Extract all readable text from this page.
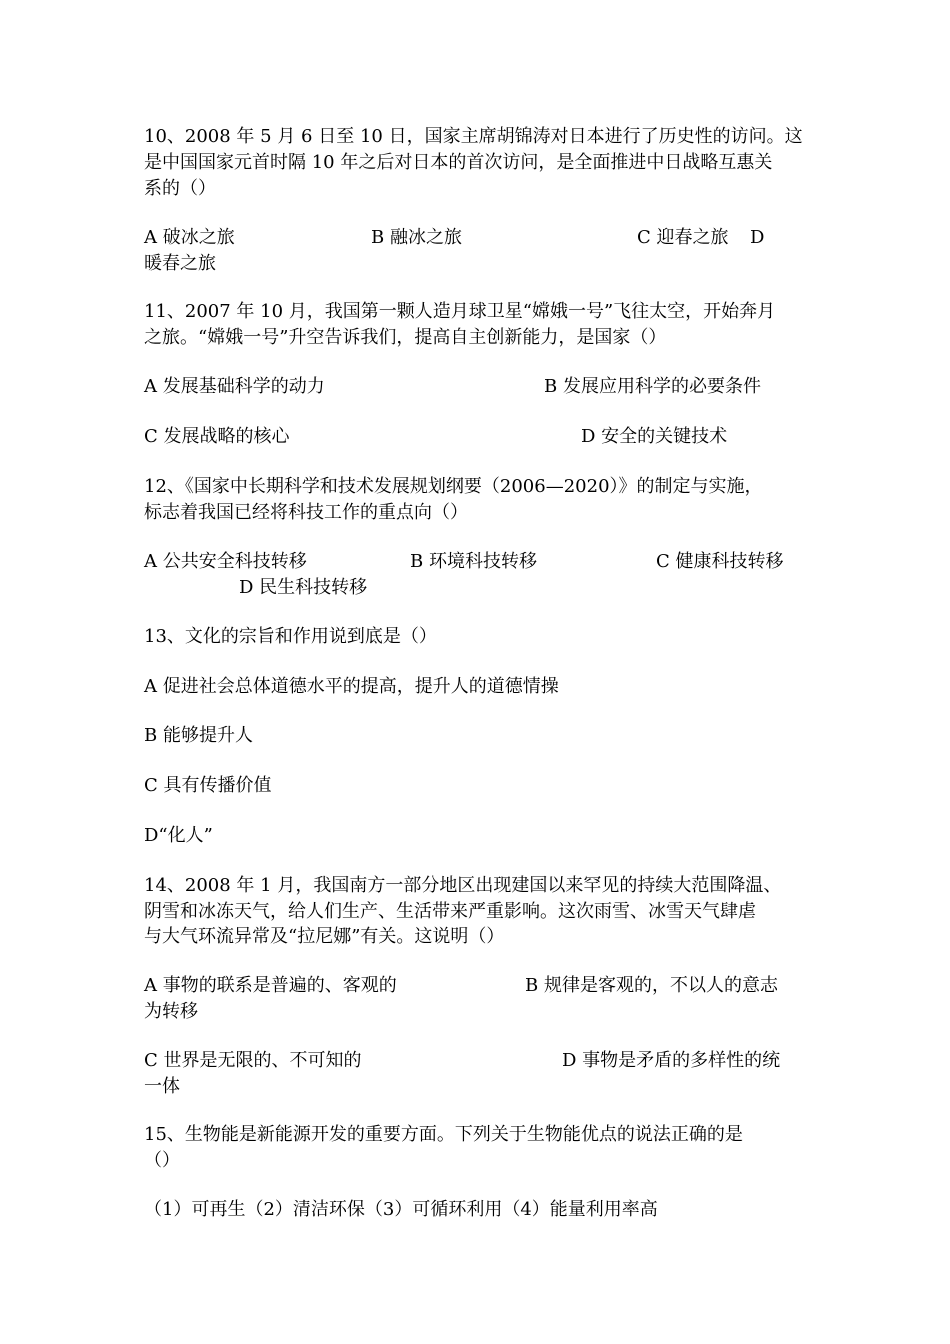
10、2008 年 5 月 6 日至 10 日，国家主席胡锦涛对日本进行了历史性的访问。这
是中国国家元首时隔 10 年之后对日本的首次访问，是全面推进中日战略互惠关
系的（）
A 破冰之旅	B 融冰之旅	C 迎春之旅 D
暖春之旅
11、2007 年 10 月，我国第一颗人造月球卫星“嫦娥一号”飞往太空，开始奔月
之旅。“嫦娥一号”升空告诉我们，提高自主创新能力，是国家（）
A 发展基础科学的动力	B 发展应用科学的必要条件
C 发展战略的核心	D 安全的关键技术
12、《国家中长期科学和技术发展规划纲要（2006—2020）》的制定与实施，
标志着我国已经将科技工作的重点向（）
A 公共安全科技转移	B 环境科技转移	C 健康科技转移
D 民生科技转移
13、文化的宗旨和作用说到底是（）
A 促进社会总体道德水平的提高，提升人的道德情操
B 能够提升人
C 具有传播价值
D“化人”
14、2008 年 1 月，我国南方一部分地区出现建国以来罕见的持续大范围降温、
阴雪和冰冻天气，给人们生产、生活带来严重影响。这次雨雪、冰雪天气肆虐
与大气环流异常及“拉尼娜”有关。这说明（）
A 事物的联系是普遍的、客观的	B 规律是客观的，不以人的意志
为转移
C 世界是无限的、不可知的	D 事物是矛盾的多样性的统
一体
15、生物能是新能源开发的重要方面。下列关于生物能优点的说法正确的是
（）
（1）可再生（2）清洁环保（3）可循环利用（4）能量利用率高
